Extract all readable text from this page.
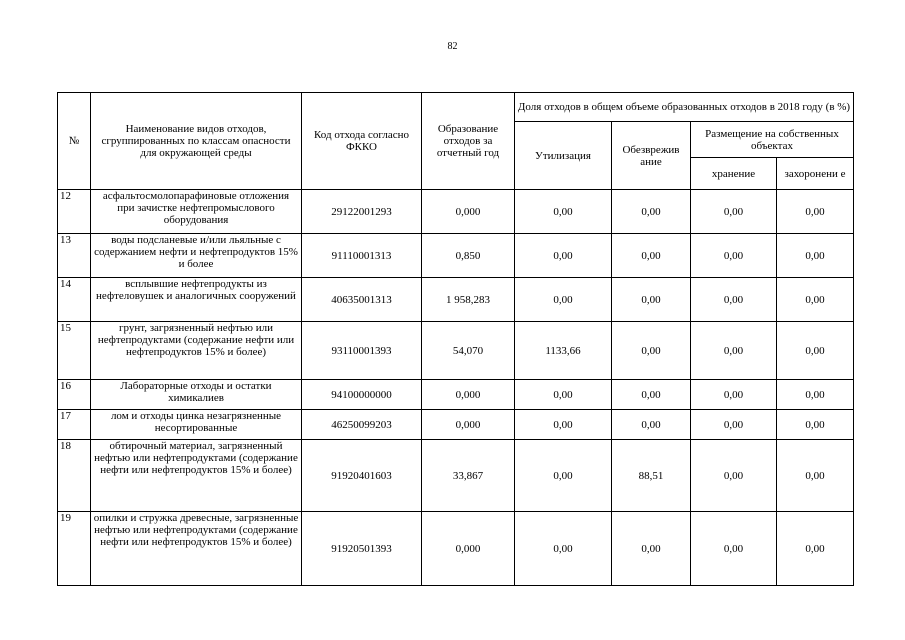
82
№	Наименование видов отходов, сгруппированных по классам опасности для окружающей среды	Код отхода согласно ФККО	Образование отходов за отчетный год	Доля отходов в общем объеме образованных отходов в 2018 году (в %)			
				Утилизация	Обезврежив ание	Размещение на собственных объектах	
						хранение	захоронени е
12	асфальтосмолопарафиновые отложения при зачистке нефтепромыслового оборудования	29122001293	0,000	0,00	0,00	0,00	0,00
13	воды подсланевые и/или льяльные с содержанием нефти и нефтепродуктов 15% и более	91110001313	0,850	0,00	0,00	0,00	0,00
14	всплывшие нефтепродукты из нефтеловушек и аналогичных сооружений	40635001313	1 958,283	0,00	0,00	0,00	0,00
15	грунт, загрязненный нефтью или нефтепродуктами (содержание нефти или нефтепродуктов 15% и более)	93110001393	54,070	1133,66	0,00	0,00	0,00
16	Лабораторные отходы и остатки химикалиев	94100000000	0,000	0,00	0,00	0,00	0,00
17	лом и отходы цинка незагрязненные несортированные	46250099203	0,000	0,00	0,00	0,00	0,00
18	обтирочный материал, загрязненный нефтью или нефтепродуктами (содержание нефти или нефтепродуктов 15% и более)	91920401603	33,867	0,00	88,51	0,00	0,00
19	опилки и стружка древесные, загрязненные нефтью или нефтепродуктами (содержание нефти или нефтепродуктов 15% и более)	91920501393	0,000	0,00	0,00	0,00	0,00
